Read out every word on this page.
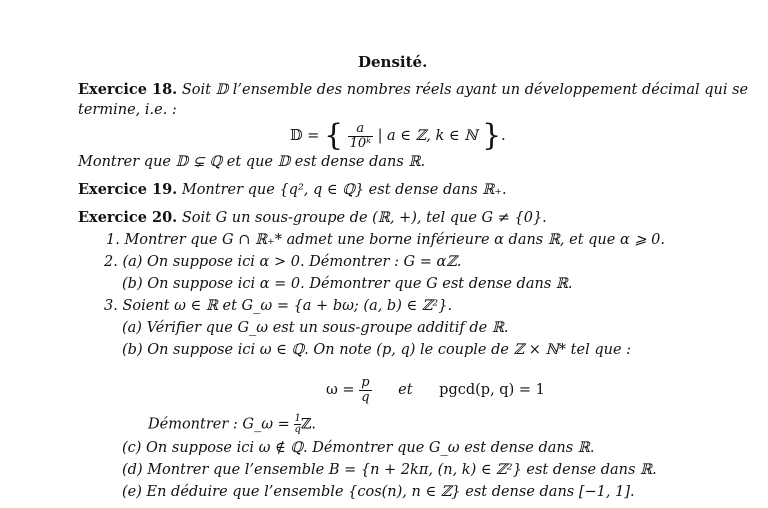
Densité.
Exercice 18. Soit 𝔻 l’ensemble des nombres réels ayant un développement décimal qui se
termine, i.e. :
𝔻 = { $\frac{a}{\text{10ᵏ}}$ | a ∈ ℤ, k ∈ ℕ }.
Montrer que 𝔻 ⊊ ℚ et que 𝔻 est dense dans ℝ.
Exercice 19. Montrer que {q², q ∈ ℚ} est dense dans ℝ₊.
Exercice 20. Soit G un sous-groupe de (ℝ, +), tel que G ≠ {0}.
1. Montrer que G ∩ ℝ₊* admet une borne inférieure α dans ℝ, et que α ⩾ 0.
2. (a) On suppose ici α > 0. Démontrer : G = αℤ.
(b) On suppose ici α = 0. Démontrer que G est dense dans ℝ.
3. Soient ω ∈ ℝ et G_ω = {a + bω; (a, b) ∈ ℤ²}.
(a) Vérifier que G_ω est un sous-groupe additif de ℝ.
(b) On suppose ici ω ∈ ℚ. On note (p, q) le couple de ℤ × ℕ* tel que :
$\omega = \frac{p}{q}$ et pgcd(p, q) = 1
Démontrer : G_ω = $\frac{1}{q}$ ℤ.
(c) On suppose ici ω ∉ ℚ. Démontrer que G_ω est dense dans ℝ.
(d) Montrer que l’ensemble B = {n + 2kπ, (n, k) ∈ ℤ²} est dense dans ℝ.
(e) En déduire que l’ensemble {cos(n), n ∈ ℤ} est dense dans [−1, 1].
